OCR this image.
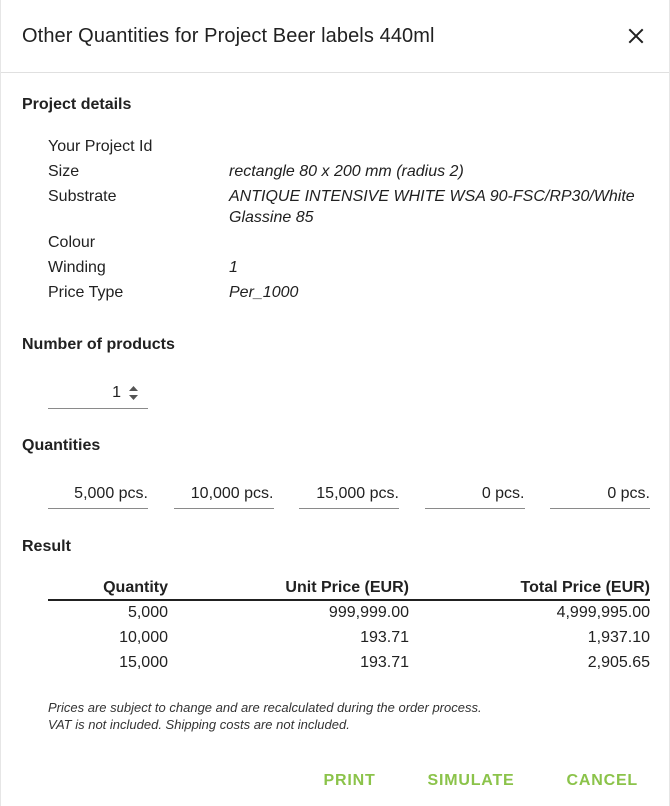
Other Quantities for Project Beer labels 440ml
Project details
Your Project Id
Size	rectangle 80 x 200 mm (radius 2)
Substrate	ANTIQUE INTENSIVE WHITE WSA 90-FSC/RP30/White Glassine 85
Colour
Winding	1
Price Type	Per_1000
Number of products
1
Quantities
5,000 pcs.	10,000 pcs.	15,000 pcs.	0 pcs.	0 pcs.
Result
Quantity	Unit Price (EUR)	Total Price (EUR)
5,000	999,999.00	4,999,995.00
10,000	193.71	1,937.10
15,000	193.71	2,905.65
Prices are subject to change and are recalculated during the order process.
VAT is not included. Shipping costs are not included.
PRINT	SIMULATE	CANCEL
